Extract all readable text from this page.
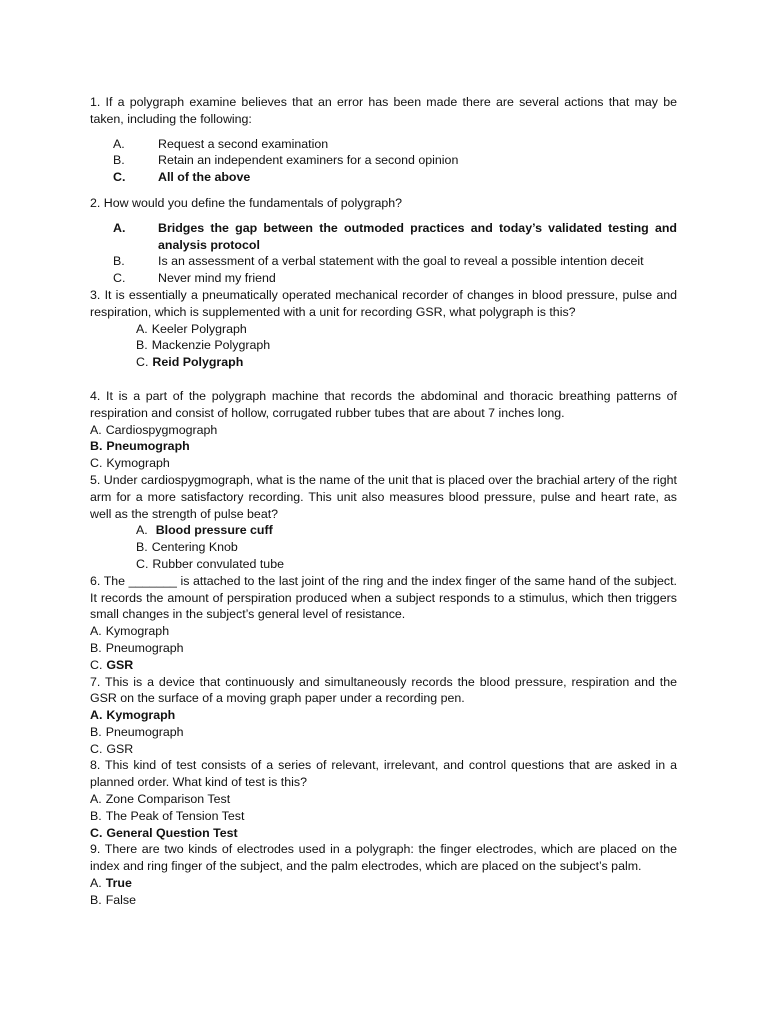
1. If a polygraph examine believes that an error has been made there are several actions that may be taken, including the following:

A.	Request a second examination
B.	Retain an independent examiners for a second opinion
C.	All of the above

2. How would you define the fundamentals of polygraph?

A.	Bridges the gap between the outmoded practices and today’s validated testing and analysis protocol
B.	Is an assessment of a verbal statement with the goal to reveal a possible intention deceit
C.	Never mind my friend

3. It is essentially a pneumatically operated mechanical recorder of changes in blood pressure, pulse and respiration, which is supplemented with a unit for recording GSR, what polygraph is this?

A. Keeler Polygraph
B. Mackenzie Polygraph
C. Reid Polygraph

4. It is a part of the polygraph machine that records the abdominal and thoracic breathing patterns of respiration and consist of hollow, corrugated rubber tubes that are about 7 inches long.

A. Cardiospygmograph
B. Pneumograph
C. Kymograph

5. Under cardiospygmograph, what is the name of the unit that is placed over the brachial artery of the right arm for a more satisfactory recording. This unit also measures blood pressure, pulse and heart rate, as well as the strength of pulse beat?

A. Blood pressure cuff
B. Centering Knob
C. Rubber convulated tube

6. The _______ is attached to the last joint of the ring and the index finger of the same hand of the subject. It records the amount of perspiration produced when a subject responds to a stimulus, which then triggers small changes in the subject’s general level of resistance.

A. Kymograph
B. Pneumograph
C. GSR

7. This is a device that continuously and simultaneously records the blood pressure, respiration and the GSR on the surface of a moving graph paper under a recording pen.

A. Kymograph
B. Pneumograph
C. GSR

8. This kind of test consists of a series of relevant, irrelevant, and control questions that are asked in a planned order. What kind of test is this?

A. Zone Comparison Test
B. The Peak of Tension Test
C. General Question Test

9. There are two kinds of electrodes used in a polygraph: the finger electrodes, which are placed on the index and ring finger of the subject, and the palm electrodes, which are placed on the subject’s palm.

A. True
B. False
